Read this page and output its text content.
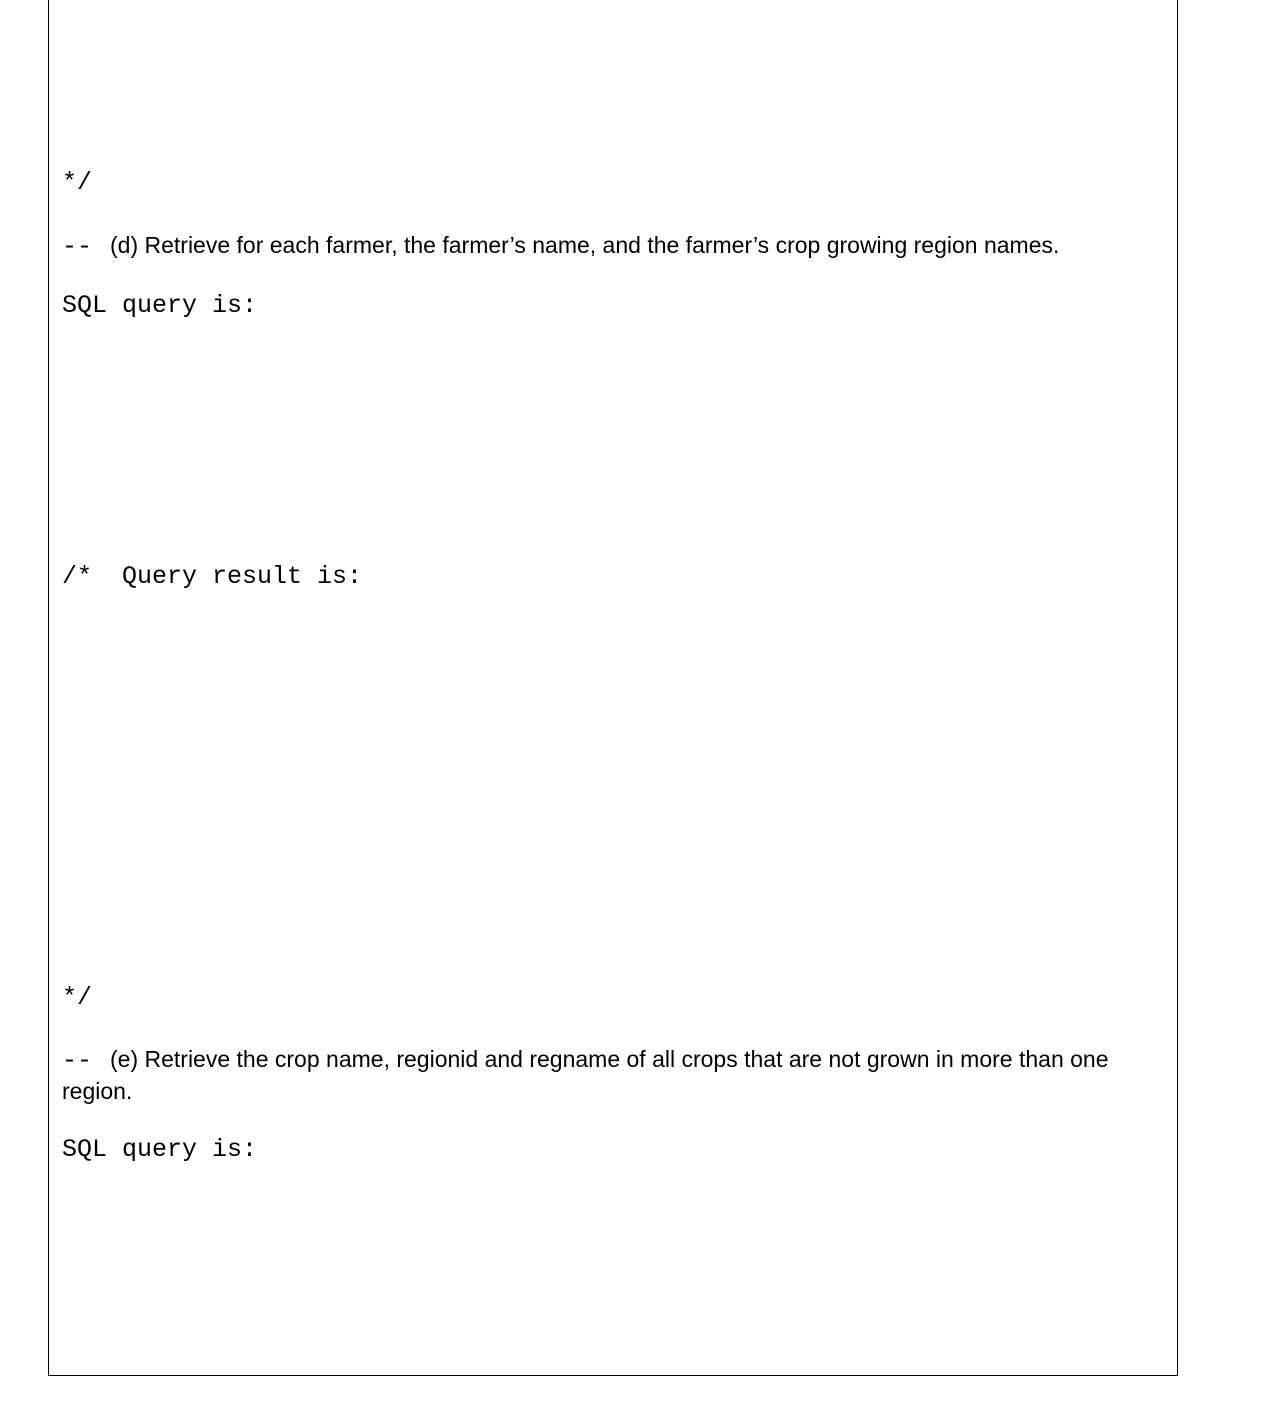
*/
-- (d) Retrieve for each farmer, the farmer’s name, and the farmer’s crop growing region names.
SQL query is:
/*  Query result is:
*/
-- (e) Retrieve the crop name, regionid and regname of all crops that are not grown in more than one region.
SQL query is:
